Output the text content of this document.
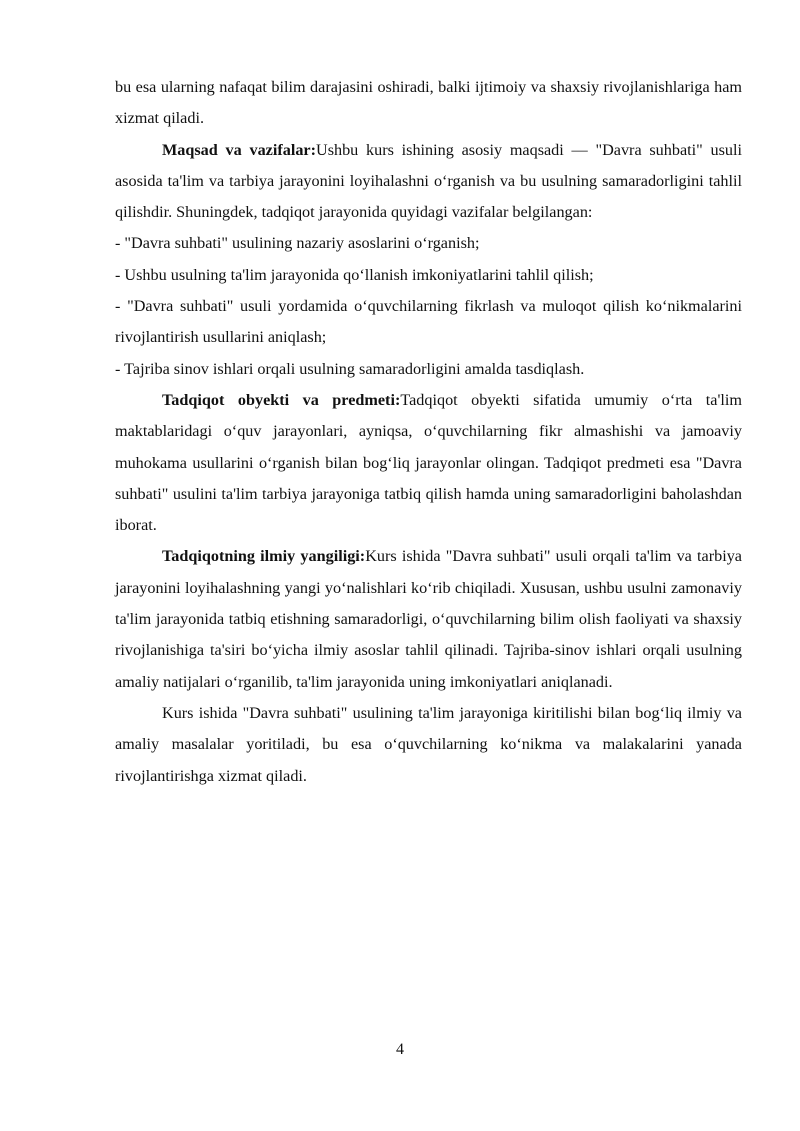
bu esa ularning nafaqat bilim darajasini oshiradi, balki ijtimoiy va shaxsiy rivojlanishlariga ham xizmat qiladi.

Maqsad va vazifalar:Ushbu kurs ishining asosiy maqsadi — "Davra suhbati" usuli asosida ta'lim va tarbiya jarayonini loyihalashni o‘rganish va bu usulning samaradorligini tahlil qilishdir. Shuningdek, tadqiqot jarayonida quyidagi vazifalar belgilangan:

- "Davra suhbati" usulining nazariy asoslarini o‘rganish;

- Ushbu usulning ta'lim jarayonida qo‘llanish imkoniyatlarini tahlil qilish;

- "Davra suhbati" usuli yordamida o‘quvchilarning fikrlash va muloqot qilish ko‘nikmalarini rivojlantirish usullarini aniqlash;

- Tajriba sinov ishlari orqali usulning samaradorligini amalda tasdiqlash.

Tadqiqot obyekti va predmeti:Tadqiqot obyekti sifatida umumiy o‘rta ta'lim maktablaridagi o‘quv jarayonlari, ayniqsa, o‘quvchilarning fikr almashishi va jamoaviy muhokama usullarini o‘rganish bilan bog‘liq jarayonlar olingan. Tadqiqot predmeti esa "Davra suhbati" usulini ta'lim tarbiya jarayoniga tatbiq qilish hamda uning samaradorligini baholashdan iborat.

Tadqiqotning ilmiy yangiligi:Kurs ishida "Davra suhbati" usuli orqali ta'lim va tarbiya jarayonini loyihalashning yangi yo‘nalishlari ko‘rib chiqiladi. Xususan, ushbu usulni zamonaviy ta'lim jarayonida tatbiq etishning samaradorligi, o‘quvchilarning bilim olish faoliyati va shaxsiy rivojlanishiga ta'siri bo‘yicha ilmiy asoslar tahlil qilinadi. Tajriba-sinov ishlari orqali usulning amaliy natijalari o‘rganilib, ta'lim jarayonida uning imkoniyatlari aniqlanadi.

Kurs ishida "Davra suhbati" usulining ta'lim jarayoniga kiritilishi bilan bog‘liq ilmiy va amaliy masalalar yoritiladi, bu esa o‘quvchilarning ko‘nikma va malakalarini yanada rivojlantirishga xizmat qiladi.

4
